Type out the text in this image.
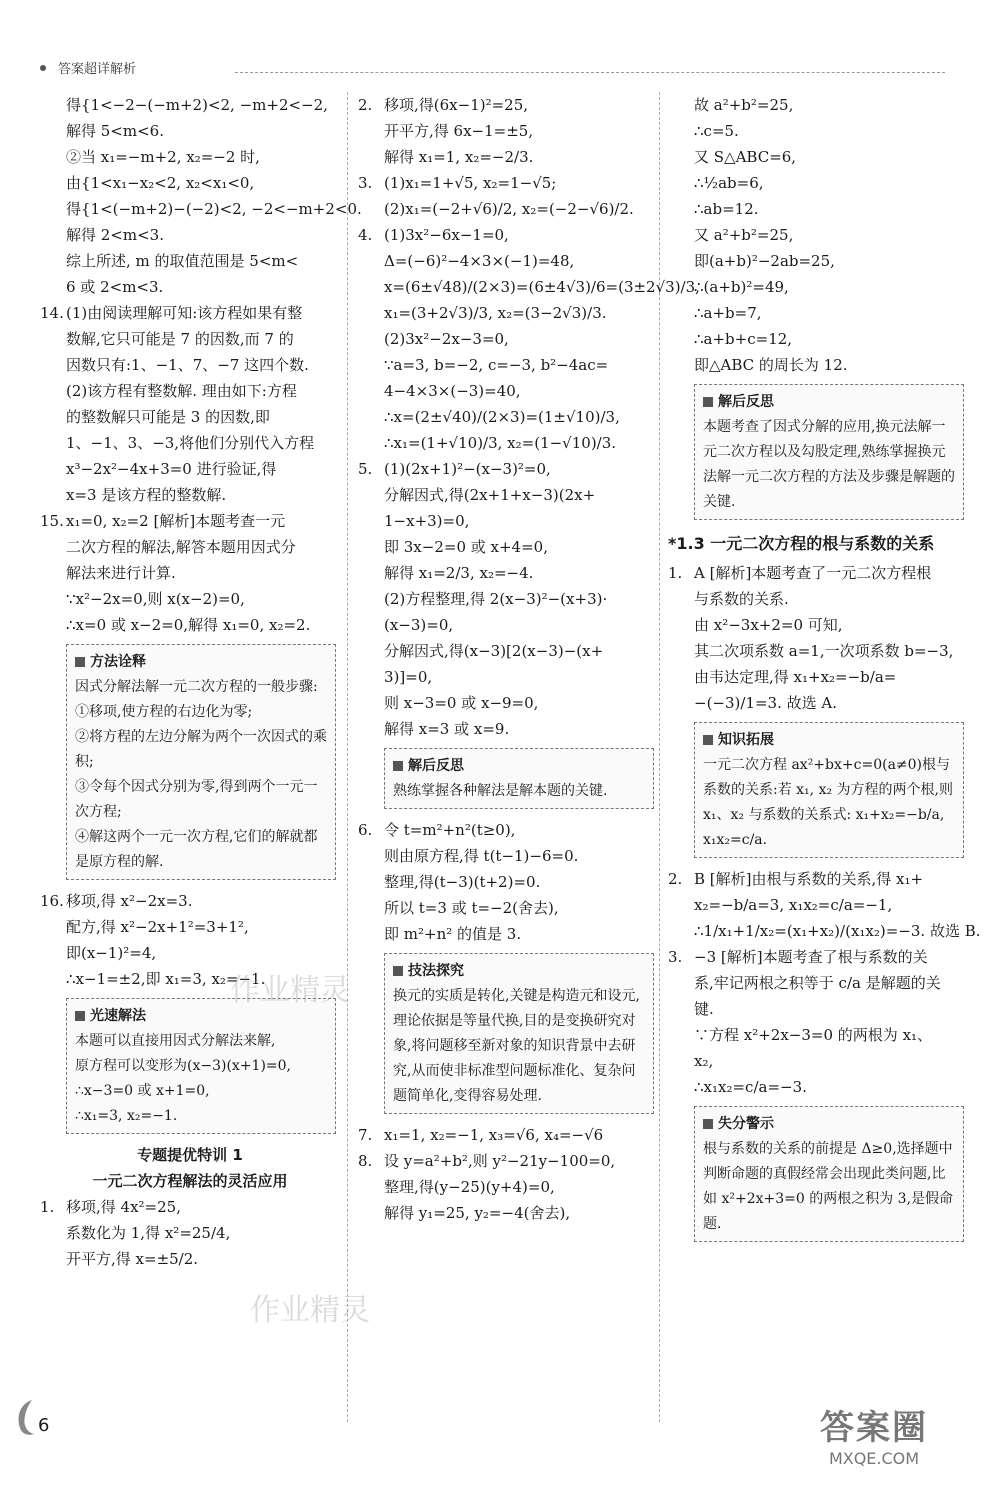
答案超详解析
得{1<−2−(−m+2)<2, −m+2<−2,
解得 5<m<6.
②当 x₁=−m+2, x₂=−2 时,
由{1<x₁−x₂<2, x₂<x₁<0,
得{1<(−m+2)−(−2)<2, −2<−m+2<0.
解得 2<m<3.
综上所述, m 的取值范围是 5<m<
6 或 2<m<3.
14. (1)由阅读理解可知:该方程如果有整
数解,它只可能是 7 的因数,而 7 的
因数只有:1、−1、7、−7 这四个数.
(2)该方程有整数解. 理由如下:方程
的整数解只可能是 3 的因数,即
1、−1、3、−3,将他们分别代入方程
x³−2x²−4x+3=0 进行验证,得
x=3 是该方程的整数解.
15. x₁=0, x₂=2 [解析]本题考查一元
二次方程的解法,解答本题用因式分
解法来进行计算.
∵x²−2x=0,则 x(x−2)=0,
∴x=0 或 x−2=0,解得 x₁=0, x₂=2.
方法诠释
因式分解法解一元二次方程的一般步骤:
①移项,使方程的右边化为零;
②将方程的左边分解为两个一次因式的乘积;
③令每个因式分别为零,得到两个一元一次方程;
④解这两个一元一次方程,它们的解就都是原方程的解.
16. 移项,得 x²−2x=3.
配方,得 x²−2x+1²=3+1²,
即(x−1)²=4,
∴x−1=±2,即 x₁=3, x₂=−1.
光速解法
本题可以直接用因式分解法来解,
原方程可以变形为(x−3)(x+1)=0,
∴x−3=0 或 x+1=0,
∴x₁=3, x₂=−1.
专题提优特训 1
一元二次方程解法的灵活应用
1. 移项,得 4x²=25,
系数化为 1,得 x²=25/4,
开平方,得 x=±5/2.
2. 移项,得(6x−1)²=25,
开平方,得 6x−1=±5,
解得 x₁=1, x₂=−2/3.
3. (1)x₁=1+√5, x₂=1−√5;
(2)x₁=(−2+√6)/2, x₂=(−2−√6)/2.
4. (1)3x²−6x−1=0,
Δ=(−6)²−4×3×(−1)=48,
x=(6±√48)/(2×3)=(6±4√3)/6=(3±2√3)/3,
x₁=(3+2√3)/3, x₂=(3−2√3)/3.
(2)3x²−2x−3=0,
∵a=3, b=−2, c=−3, b²−4ac=
4−4×3×(−3)=40,
∴x=(2±√40)/(2×3)=(1±√10)/3,
∴x₁=(1+√10)/3, x₂=(1−√10)/3.
5. (1)(2x+1)²−(x−3)²=0,
分解因式,得(2x+1+x−3)(2x+
1−x+3)=0,
即 3x−2=0 或 x+4=0,
解得 x₁=2/3, x₂=−4.
(2)方程整理,得 2(x−3)²−(x+3)·
(x−3)=0,
分解因式,得(x−3)[2(x−3)−(x+
3)]=0,
则 x−3=0 或 x−9=0,
解得 x=3 或 x=9.
解后反思
熟练掌握各种解法是解本题的关键.
6. 令 t=m²+n²(t≥0),
则由原方程,得 t(t−1)−6=0.
整理,得(t−3)(t+2)=0.
所以 t=3 或 t=−2(舍去),
即 m²+n² 的值是 3.
技法探究
换元的实质是转化,关键是构造元和设元,理论依据是等量代换,目的是变换研究对象,将问题移至新对象的知识背景中去研究,从而使非标准型问题标准化、复杂问题简单化,变得容易处理.
7. x₁=1, x₂=−1, x₃=√6, x₄=−√6
8. 设 y=a²+b²,则 y²−21y−100=0,
整理,得(y−25)(y+4)=0,
解得 y₁=25, y₂=−4(舍去),
故 a²+b²=25,
∴c=5.
又 S△ABC=6,
∴½ab=6,
∴ab=12.
又 a²+b²=25,
即(a+b)²−2ab=25,
∴(a+b)²=49,
∴a+b=7,
∴a+b+c=12,
即△ABC 的周长为 12.
解后反思
本题考查了因式分解的应用,换元法解一元二次方程以及勾股定理,熟练掌握换元法解一元二次方程的方法及步骤是解题的关键.
*1.3 一元二次方程的根与系数的关系
1. A [解析]本题考查了一元二次方程根
与系数的关系.
由 x²−3x+2=0 可知,
其二次项系数 a=1,一次项系数 b=−3,
由韦达定理,得 x₁+x₂=−b/a=
−(−3)/1=3. 故选 A.
知识拓展
一元二次方程 ax²+bx+c=0(a≠0)根与系数的关系:若 x₁, x₂ 为方程的两个根,则 x₁、x₂ 与系数的关系式: x₁+x₂=−b/a, x₁x₂=c/a.
2. B [解析]由根与系数的关系,得 x₁+
x₂=−b/a=3, x₁x₂=c/a=−1,
∴1/x₁+1/x₂=(x₁+x₂)/(x₁x₂)=−3. 故选 B.
3. −3 [解析]本题考查了根与系数的关
系,牢记两根之积等于 c/a 是解题的关
键.
∵方程 x²+2x−3=0 的两根为 x₁、
x₂,
∴x₁x₂=c/a=−3.
失分警示
根与系数的关系的前提是 Δ≥0,选择题中判断命题的真假经常会出现此类问题,比如 x²+2x+3=0 的两根之积为 3,是假命题.
作业精灵
作业精灵
6	答案圈
MXQE.COM
